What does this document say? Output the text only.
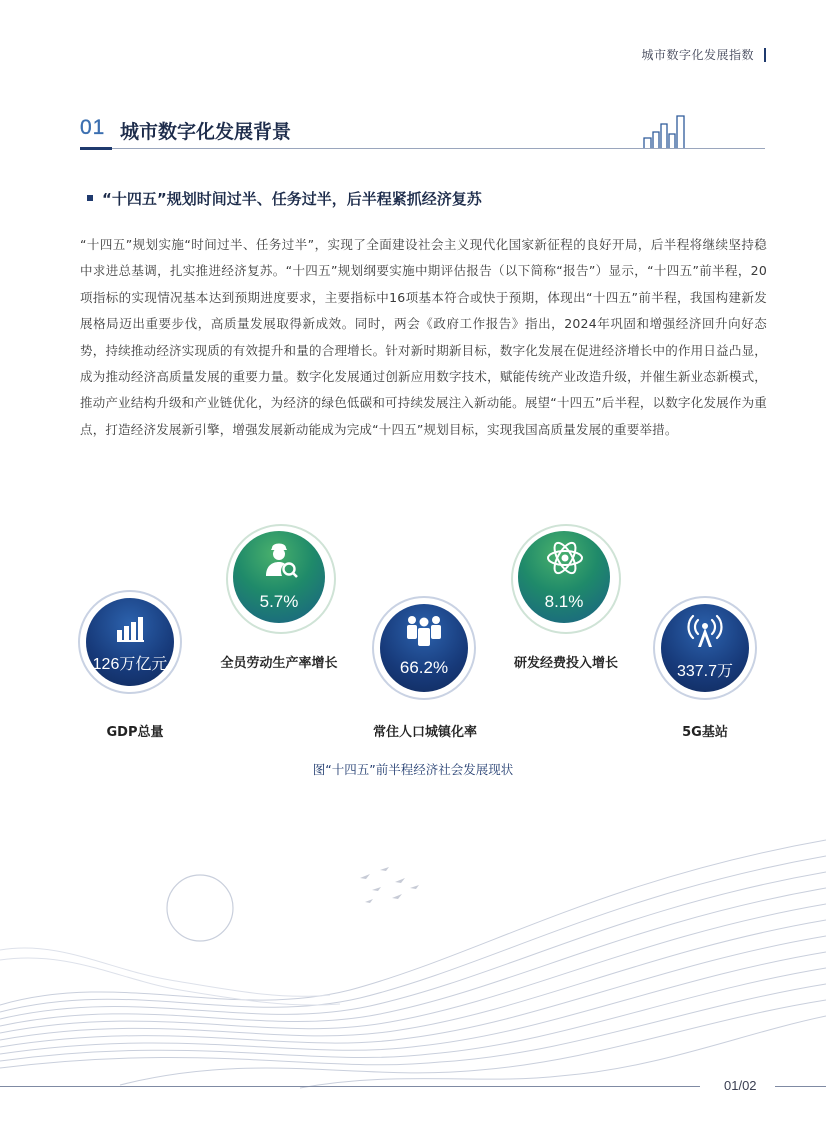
城市数字化发展指数
01 城市数字化发展背景
“十四五”规划时间过半、任务过半，后半程紧抓经济复苏
“十四五”规划实施“时间过半、任务过半”，实现了全面建设社会主义现代化国家新征程的良好开局，后半程将继续坚持稳中求进总基调，扎实推进经济复苏。“十四五”规划纲要实施中期评估报告（以下简称“报告”）显示，“十四五”前半程，20项指标的实现情况基本达到预期进度要求，主要指标中16项基本符合或快于预期，体现出“十四五”前半程，我国构建新发展格局迈出重要步伐，高质量发展取得新成效。同时，两会《政府工作报告》指出，2024年巩固和增强经济回升向好态势，持续推动经济实现质的有效提升和量的合理增长。针对新时期新目标，数字化发展在促进经济增长中的作用日益凸显，成为推动经济高质量发展的重要力量。数字化发展通过创新应用数字技术，赋能传统产业改造升级，并催生新业态新模式，推动产业结构升级和产业链优化，为经济的绿色低碳和可持续发展注入新动能。展望“十四五”后半程，以数字化发展作为重点，打造经济发展新引擎，增强发展新动能成为完成“十四五”规划目标，实现我国高质量发展的重要举措。
126万亿元
GDP总量
5.7%
全员劳动生产率增长	66.2%
常住人口城镇化率
8.1%
研发经费投入增长	337.7万
5G基站
图“十四五”前半程经济社会发展现状
01/02
